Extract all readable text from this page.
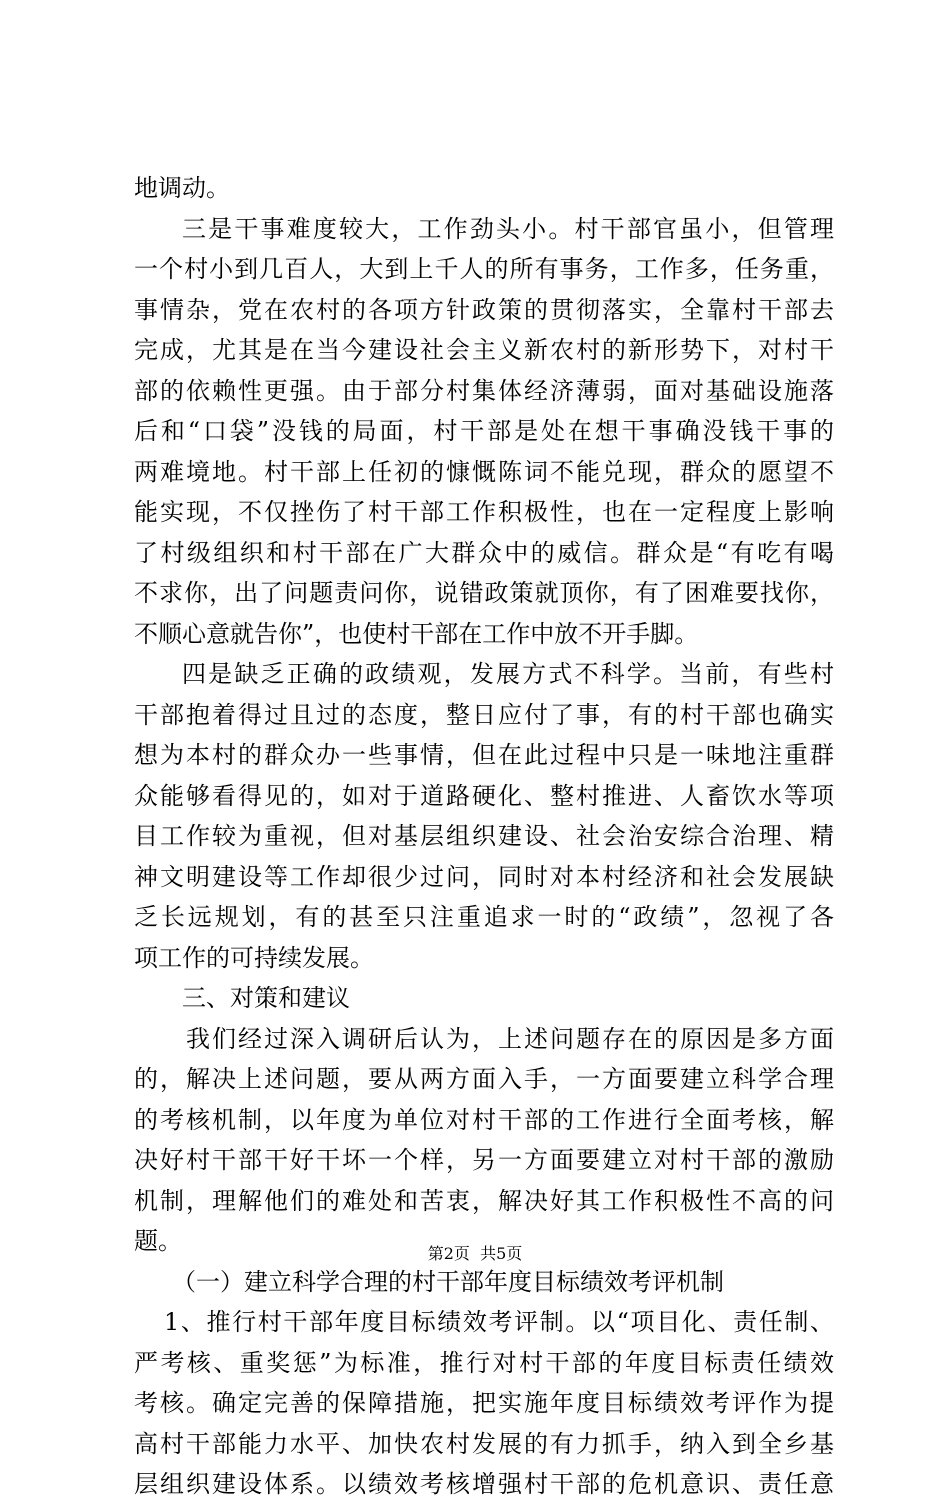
地调动。
三是干事难度较大，工作劲头小。村干部官虽小，但管理
一个村小到几百人，大到上千人的所有事务，工作多，任务重，
事情杂，党在农村的各项方针政策的贯彻落实，全靠村干部去
完成，尤其是在当今建设社会主义新农村的新形势下，对村干
部的依赖性更强。由于部分村集体经济薄弱，面对基础设施落
后和“口袋”没钱的局面，村干部是处在想干事确没钱干事的
两难境地。村干部上任初的慷慨陈词不能兑现，群众的愿望不
能实现，不仅挫伤了村干部工作积极性，也在一定程度上影响
了村级组织和村干部在广大群众中的威信。群众是“有吃有喝
不求你，出了问题责问你，说错政策就顶你，有了困难要找你，
不顺心意就告你”，也使村干部在工作中放不开手脚。
四是缺乏正确的政绩观，发展方式不科学。当前，有些村
干部抱着得过且过的态度，整日应付了事，有的村干部也确实
想为本村的群众办一些事情，但在此过程中只是一味地注重群
众能够看得见的，如对于道路硬化、整村推进、人畜饮水等项
目工作较为重视，但对基层组织建设、社会治安综合治理、精
神文明建设等工作却很少过问，同时对本村经济和社会发展缺
乏长远规划，有的甚至只注重追求一时的“政绩”，忽视了各
项工作的可持续发展。
三、对策和建议
我们经过深入调研后认为，上述问题存在的原因是多方面
的，解决上述问题，要从两方面入手，一方面要建立科学合理
的考核机制，以年度为单位对村干部的工作进行全面考核，解
决好村干部干好干坏一个样，另一方面要建立对村干部的激励
机制，理解他们的难处和苦衷，解决好其工作积极性不高的问
题。
（一）建立科学合理的村干部年度目标绩效考评机制
1、推行村干部年度目标绩效考评制。以“项目化、责任制、
严考核、重奖惩”为标准，推行对村干部的年度目标责任绩效
考核。确定完善的保障措施，把实施年度目标绩效考评作为提
高村干部能力水平、加快农村发展的有力抓手，纳入到全乡基
层组织建设体系。以绩效考核增强村干部的危机意识、责任意
第2页  共5页
